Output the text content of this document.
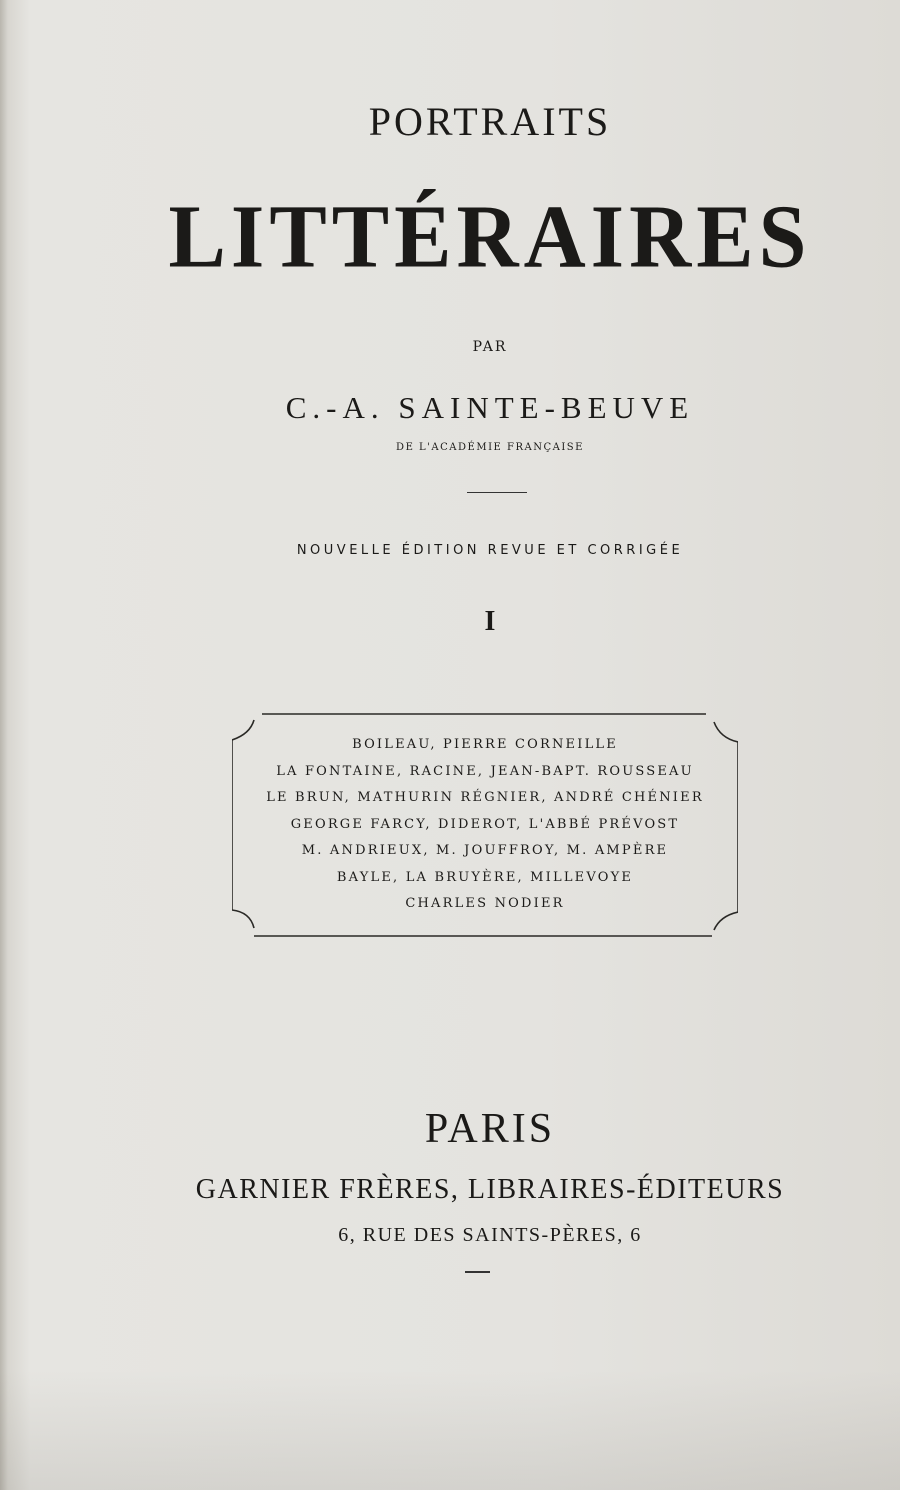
PORTRAITS
LITTÉRAIRES
PAR
C.-A. SAINTE-BEUVE
DE L'ACADÉMIE FRANÇAISE
NOUVELLE ÉDITION REVUE ET CORRIGÉE
I
BOILEAU, PIERRE CORNEILLE
LA FONTAINE, RACINE, JEAN-BAPT. ROUSSEAU
LE BRUN, MATHURIN RÉGNIER, ANDRÉ CHÉNIER
GEORGE FARCY, DIDEROT, L'ABBÉ PRÉVOST
M. ANDRIEUX, M. JOUFFROY, M. AMPÈRE
BAYLE, LA BRUYÈRE, MILLEVOYE
CHARLES NODIER
PARIS
GARNIER FRÈRES, LIBRAIRES-ÉDITEURS
6, RUE DES SAINTS-PÈRES, 6
